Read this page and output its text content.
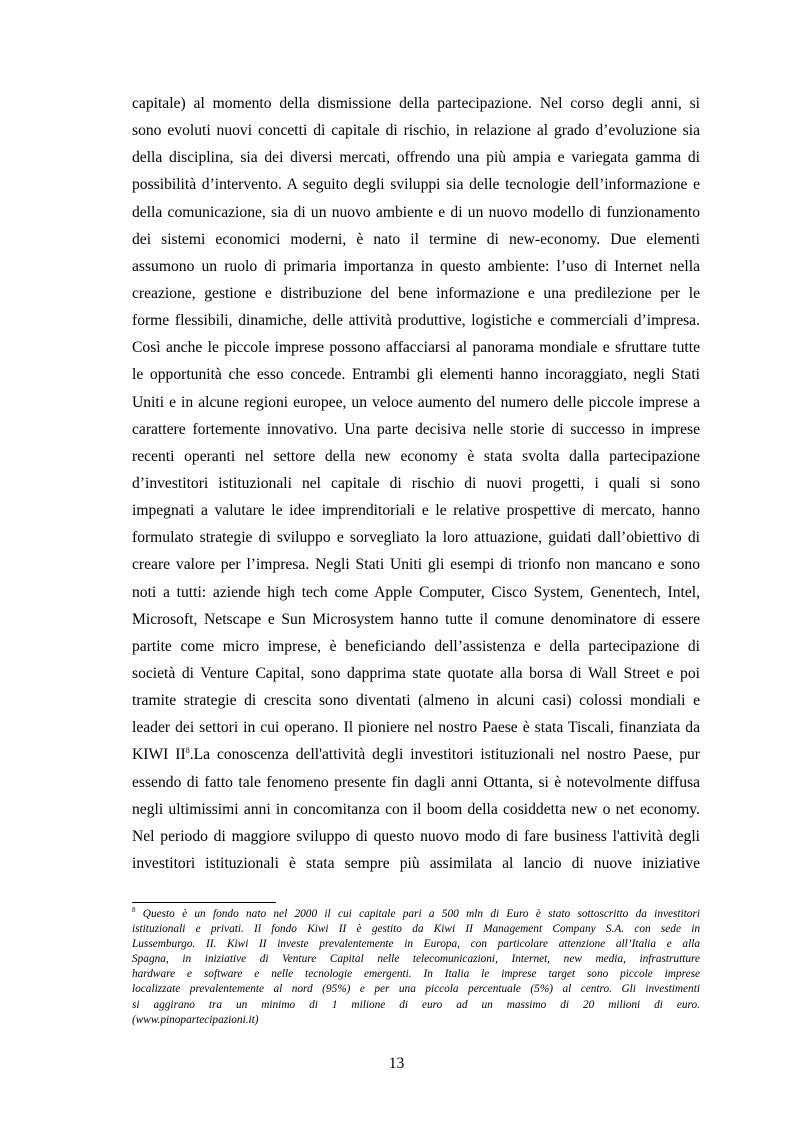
capitale) al momento della dismissione della partecipazione. Nel corso degli anni, si
sono evoluti nuovi concetti di capitale di rischio, in relazione al grado d’evoluzione sia
della disciplina, sia dei diversi mercati, offrendo una più ampia e variegata gamma di
possibilità d’intervento. A seguito degli sviluppi sia delle tecnologie dell’informazione e
della comunicazione, sia di un nuovo ambiente e di un nuovo modello di funzionamento
dei sistemi economici moderni, è nato il termine di new-economy. Due elementi
assumono un ruolo di primaria importanza in questo ambiente: l’uso di Internet nella
creazione, gestione e distribuzione del bene informazione e una predilezione per le
forme flessibili, dinamiche, delle attività produttive, logistiche e commerciali d’impresa.
Così anche le piccole imprese possono affacciarsi al panorama mondiale e sfruttare tutte
le opportunità che esso concede. Entrambi gli elementi hanno incoraggiato, negli Stati
Uniti e in alcune regioni europee, un veloce aumento del numero delle piccole imprese a
carattere fortemente innovativo. Una parte decisiva nelle storie di successo in imprese
recenti operanti nel settore della new economy è stata svolta dalla partecipazione
d’investitori istituzionali nel capitale di rischio di nuovi progetti, i quali si sono
impegnati a valutare le idee imprenditoriali e le relative prospettive di mercato, hanno
formulato strategie di sviluppo e sorvegliato la loro attuazione, guidati dall’obiettivo di
creare valore per l’impresa. Negli Stati Uniti gli esempi di trionfo non mancano e sono
noti a tutti: aziende high tech come Apple Computer, Cisco System, Genentech, Intel,
Microsoft, Netscape e Sun Microsystem hanno tutte il comune denominatore di essere
partite come micro imprese, è beneficiando dell’assistenza e della partecipazione di
società di Venture Capital, sono dapprima state quotate alla borsa di Wall Street e poi
tramite strategie di crescita sono diventati (almeno in alcuni casi) colossi mondiali e
leader dei settori in cui operano. Il pioniere nel nostro Paese è stata Tiscali, finanziata da
KIWI II$^8$.La conoscenza dell'attività degli investitori istituzionali nel nostro Paese, pur
essendo di fatto tale fenomeno presente fin dagli anni Ottanta, si è notevolmente diffusa
negli ultimissimi anni in concomitanza con il boom della cosiddetta new o net economy.
Nel periodo di maggiore sviluppo di questo nuovo modo di fare business l'attività degli
investitori istituzionali è stata sempre più assimilata al lancio di nuove iniziative
$^8$ Questo è un fondo nato nel 2000 il cui capitale pari a 500 mln di Euro è stato sottoscritto da investitori
istituzionali e privati. Il fondo Kiwi II è gestito da Kiwi II Management Company S.A. con sede in
Lussemburgo. II. Kiwi II investe prevalentemente in Europa, con particolare attenzione all’Italia e alla
Spagna, in iniziative di Venture Capital nelle telecomunicazioni, Internet, new media, infrastrutture
hardware e software e nelle tecnologie emergenti. In Italia le imprese target sono piccole imprese
localizzate prevalentemente al nord (95%) e per una piccola percentuale (5%) al centro. Gli investimenti
si aggirano tra un minimo di 1 milione di euro ad un massimo di 20 milioni di euro.
(www.pinopartecipazioni.it)
13
